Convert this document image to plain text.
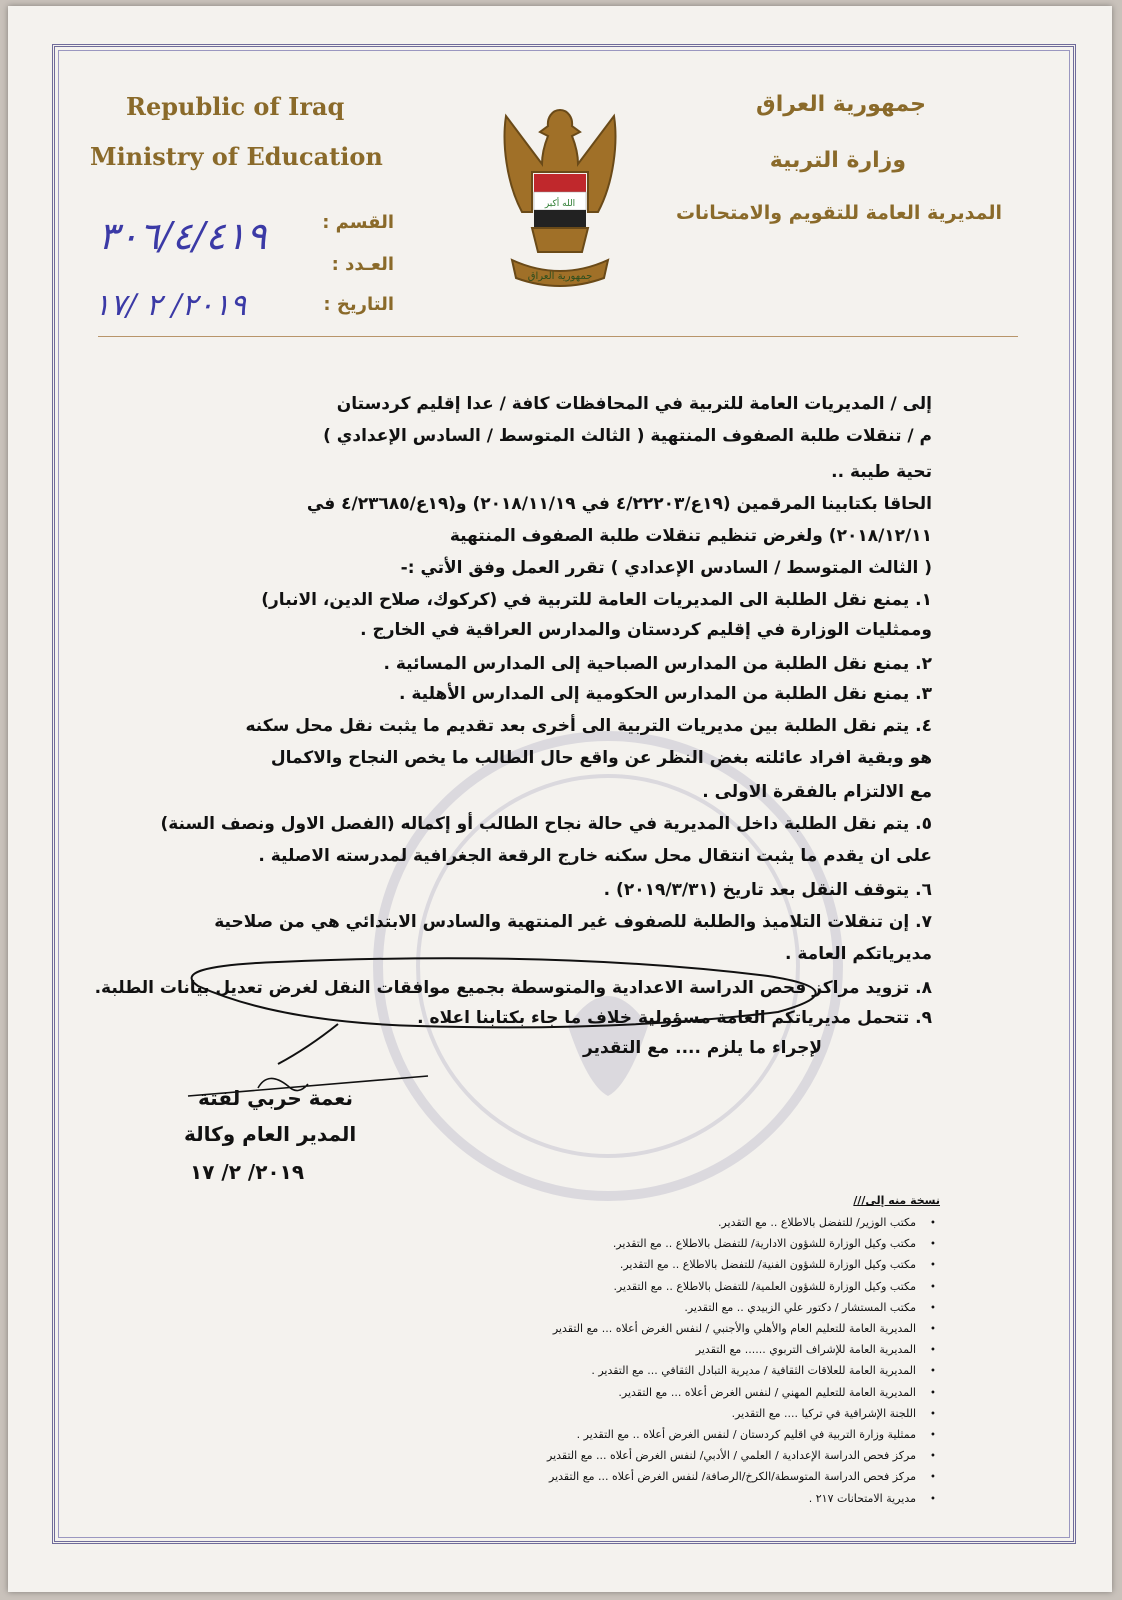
Republic of Iraq
Ministry of Education
جمهورية العراق
وزارة التربية
المديرية العامة للتقويم والامتحانات
الله أكبر
جمهورية العراق
القسم :
العـدد :
التاريخ :
٣٠٦/٤/٤١٩
٢٠١٩/ ٢ /١٧
إلى / المديريات العامة للتربية في المحافظات كافة / عدا إقليم كردستان
م / تنقلات طلبة الصفوف المنتهية ( الثالث المتوسط / السادس الإعدادي )
تحية طيبة ..
الحاقا بكتابينا المرقمين (١٩ع/٤/٢٢٢٠٣ في ٢٠١٨/١١/١٩) و(١٩ع/٤/٢٣٦٨٥ في
٢٠١٨/١٢/١١) ولغرض تنظيم تنقلات طلبة الصفوف المنتهية
( الثالث المتوسط / السادس الإعدادي ) تقرر العمل وفق الأتي :-
١. يمنع نقل الطلبة الى المديريات العامة للتربية في (كركوك، صلاح الدين، الانبار)
وممثليات الوزارة في إقليم كردستان والمدارس العراقية في الخارج .
٢. يمنع نقل الطلبة من المدارس الصباحية إلى المدارس المسائية .
٣. يمنع نقل الطلبة من المدارس الحكومية إلى المدارس الأهلية .
٤. يتم نقل الطلبة بين مديريات التربية الى أخرى بعد تقديم ما يثبت نقل محل سكنه
هو وبقية افراد عائلته بغض النظر عن واقع حال الطالب ما يخص النجاح والاكمال
مع الالتزام بالفقرة الاولى .
٥. يتم نقل الطلبة داخل المديرية في حالة نجاح الطالب أو إكماله (الفصل الاول ونصف السنة)
على ان يقدم ما يثبت انتقال محل سكنه خارج الرقعة الجغرافية لمدرسته الاصلية .
٦. يتوقف النقل بعد تاريخ (٢٠١٩/٣/٣١) .
٧. إن تنقلات التلاميذ والطلبة للصفوف غير المنتهية والسادس الابتدائي هي من صلاحية
مديرياتكم العامة .
٨. تزويد مراكز فحص الدراسة الاعدادية والمتوسطة بجميع موافقات النقل لغرض تعديل بيانات الطلبة.
٩. تتحمل مديرياتكم العامة مسؤولية خلاف ما جاء بكتابنا اعلاه .
لإجراء ما يلزم .... مع التقدير
نعمة حربي لفتة
المدير العام وكالة
٢٠١٩/ ٢/ ١٧
نسخة منه إلى///
مكتب الوزير/ للتفضل بالاطلاع .. مع التقدير. •
مكتب وكيل الوزارة للشؤون الادارية/ للتفضل بالاطلاع .. مع التقدير. •
مكتب وكيل الوزارة للشؤون الفنية/ للتفضل بالاطلاع .. مع التقدير. •
مكتب وكيل الوزارة للشؤون العلمية/ للتفضل بالاطلاع .. مع التقدير. •
مكتب المستشار / دكتور علي الزبيدي .. مع التقدير. •
المديرية العامة للتعليم العام والأهلي والأجنبي / لنفس الغرض أعلاه ... مع التقدير •
المديرية العامة للإشراف التربوي ...... مع التقدير •
المديرية العامة للعلاقات الثقافية / مديرية التبادل الثقافي ... مع التقدير . •
المديرية العامة للتعليم المهني / لنفس الغرض أعلاه ... مع التقدير. •
اللجنة الإشرافية في تركيا .... مع التقدير. •
ممثلية وزارة التربية في اقليم كردستان / لنفس الغرض أعلاه .. مع التقدير . •
مركز فحص الدراسة الإعدادية / العلمي / الأدبي/ لنفس الغرض أعلاه ... مع التقدير •
مركز فحص الدراسة المتوسطة/الكرخ/الرصافة/ لنفس الغرض أعلاه ... مع التقدير •
مديرية الامتحانات ٢١٧ . •
